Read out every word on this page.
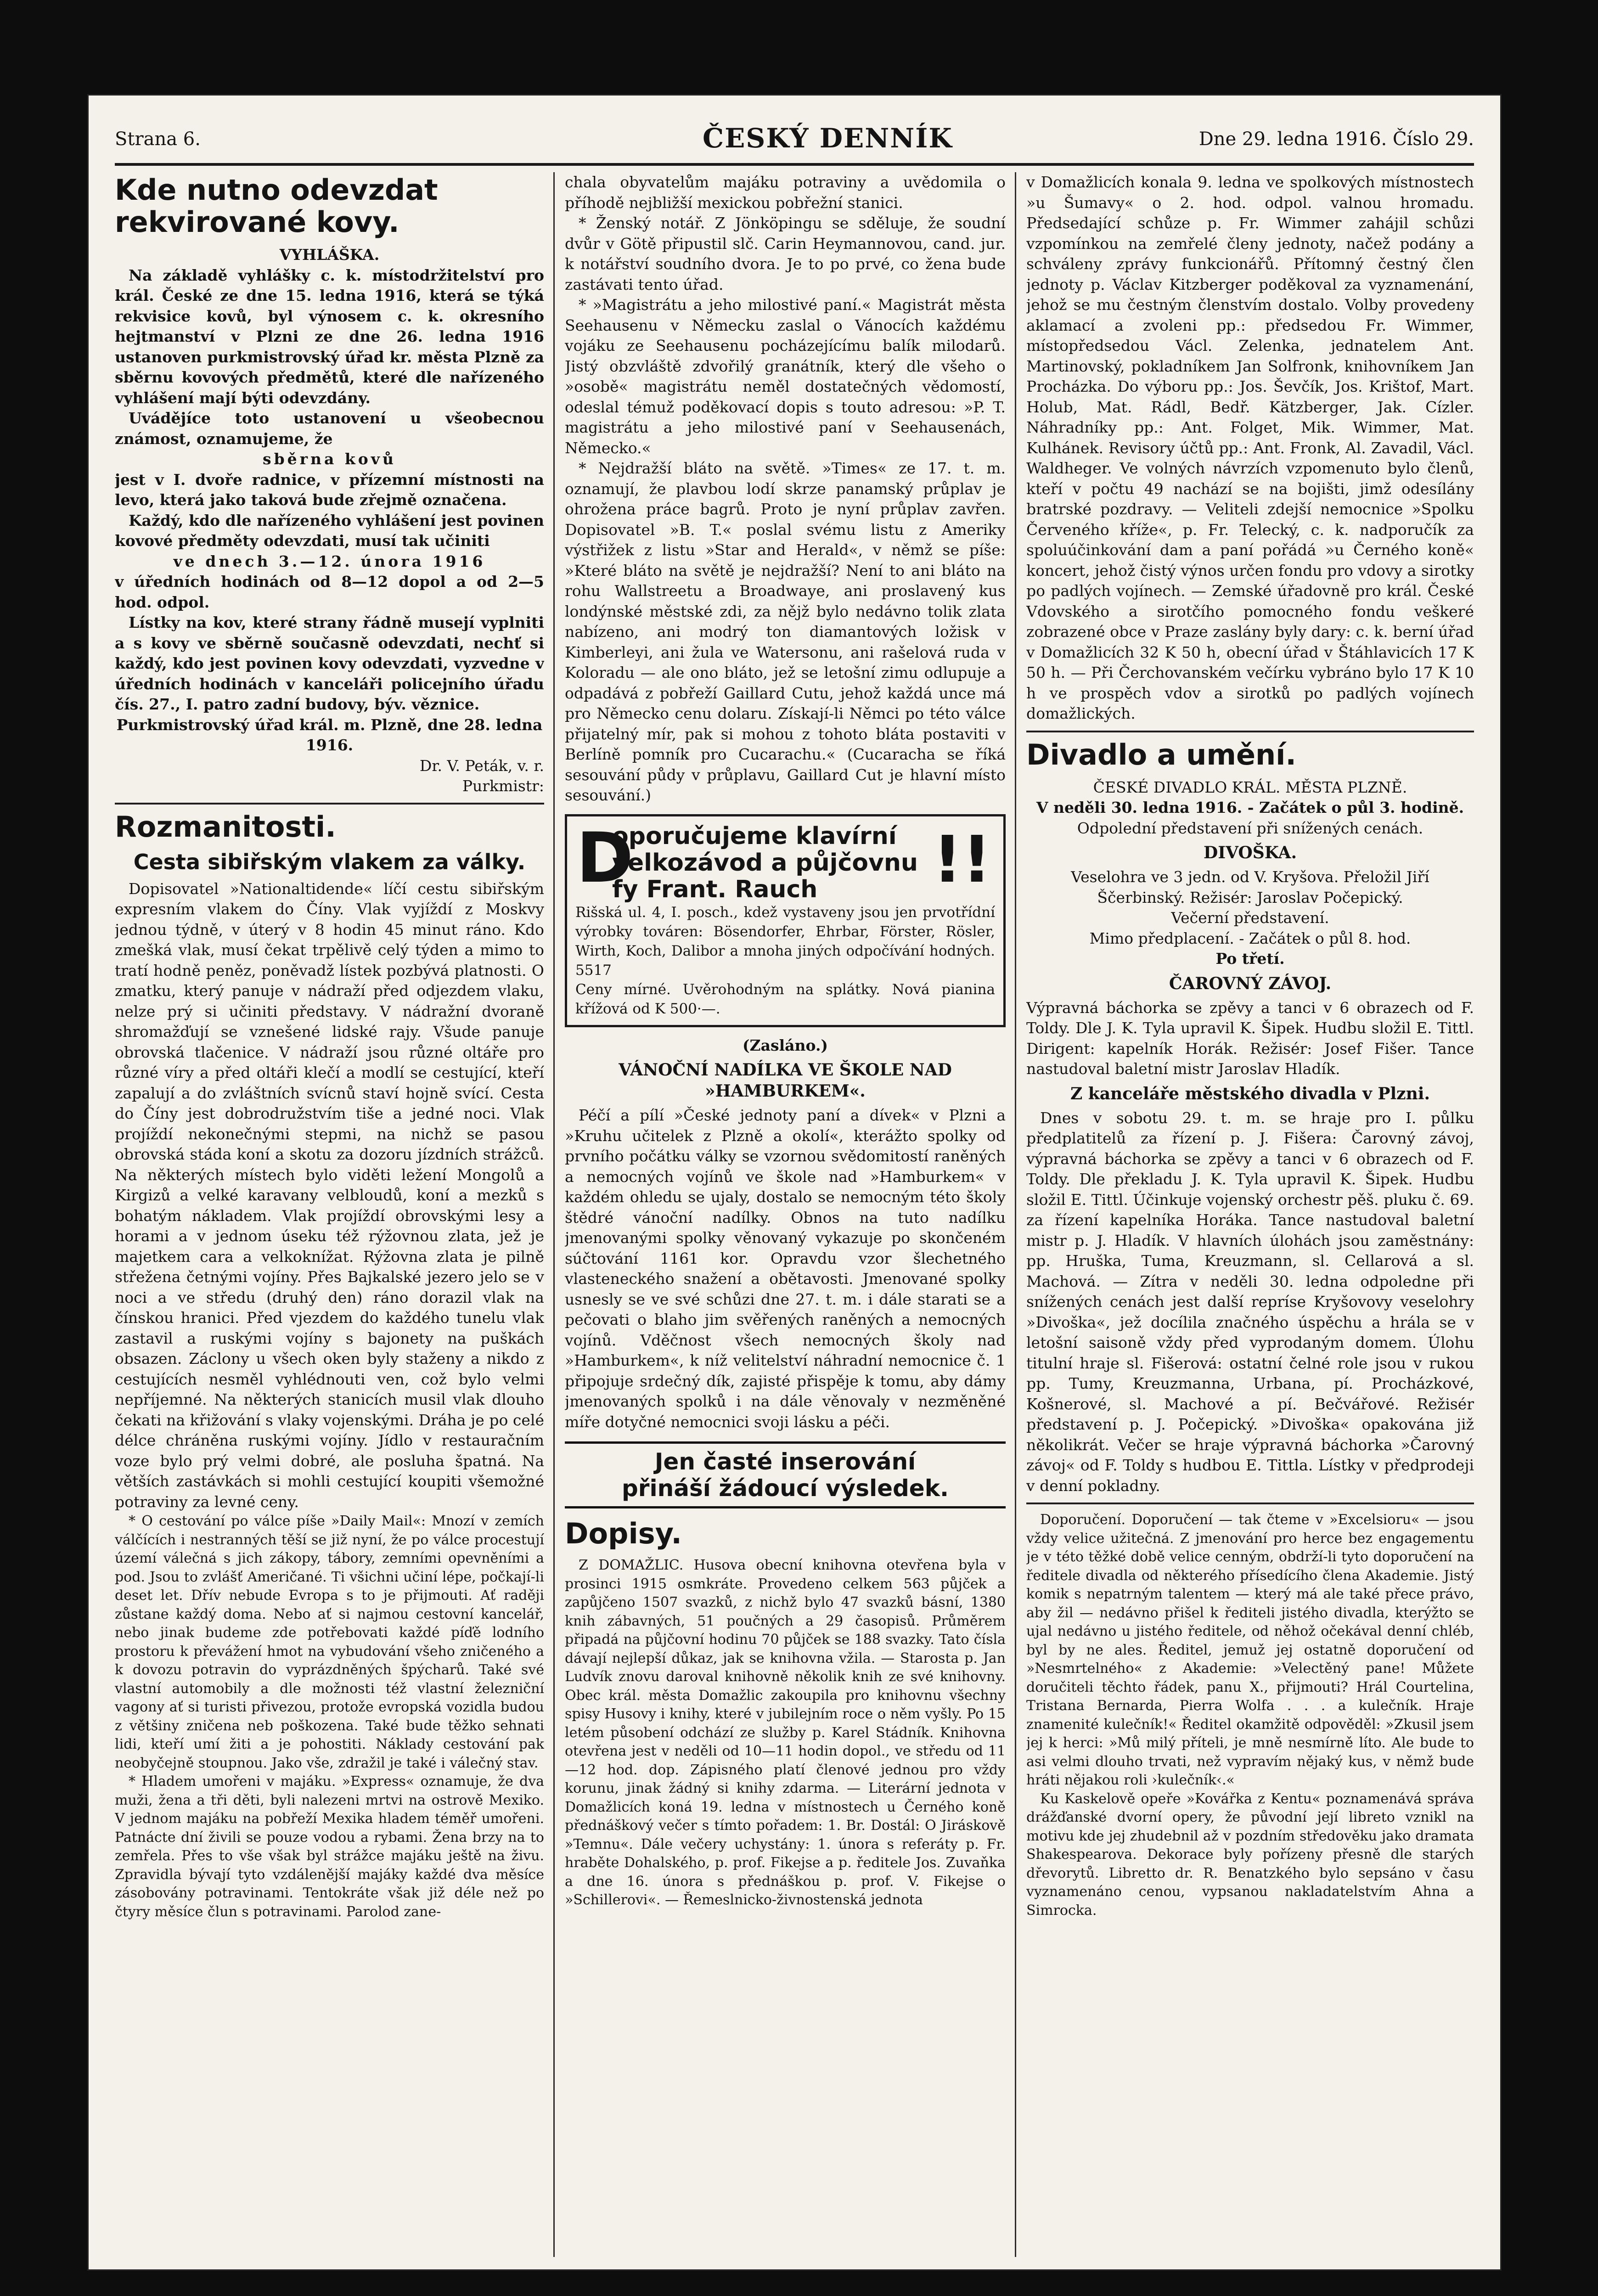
Strana 6.	ČESKÝ DENNÍK	Dne 29. ledna 1916. Číslo 29.
Kde nutno odevzdat rekvirované kovy.

VYHLÁŠKA.

Na základě vyhlášky c. k. místodržitelství pro král. České ze dne 15. ledna 1916, která se týká rekvisice kovů, byl výnosem c. k. okresního hejtmanství v Plzni ze dne 26. ledna 1916 ustanoven purkmistrovský úřad kr. města Plzně za sběrnu kovových předmětů, které dle nařízeného vyhlášení mají býti odevzdány.

Uvádějíce toto ustanovení u všeobecnou známost, oznamujeme, že

sběrna kovů

jest v I. dvoře radnice, v přízemní místnosti na levo, která jako taková bude zřejmě označena.

Každý, kdo dle nařízeného vyhlášení jest povinen kovové předměty odevzdati, musí tak učiniti

ve dnech 3.—12. února 1916

v úředních hodinách od 8—12 dopol a od 2—5 hod. odpol.

Lístky na kov, které strany řádně musejí vyplniti a s kovy ve sběrně současně odevzdati, nechť si každý, kdo jest povinen kovy odevzdati, vyzvedne v úředních hodinách v kanceláři policejního úřadu čís. 27., I. patro zadní budovy, býv. věznice.

Purkmistrovský úřad král. m. Plzně, dne 28. ledna 1916.

Dr. V. Peták, v. r.
Purkmistr:
Rozmanitosti.
Cesta sibiřským vlakem za války.

Dopisovatel »Nationaltidende« líčí cestu sibiřským expresním vlakem do Číny. Vlak vyjíždí z Moskvy jednou týdně, v úterý v 8 hodin 45 minut ráno. Kdo zmešká vlak, musí čekat trpělivě celý týden a mimo to tratí hodně peněz, poněvadž lístek pozbývá platnosti. O zmatku, který panuje v nádraží před odjezdem vlaku, nelze prý si učiniti představy. V nádražní dvoraně shromažďují se vznešené lidské rajy. Všude panuje obrovská tlačenice. V nádraží jsou různé oltáře pro různé víry a před oltáři klečí a modlí se cestující, kteří zapalují a do zvláštních svícnů staví hojně svící. Cesta do Číny jest dobrodružstvím tiše a jedné noci. Vlak projíždí nekonečnými stepmi, na nichž se pasou obrovská stáda koní a skotu za dozoru jízdních strážců. Na některých místech bylo viděti ležení Mongolů a Kirgizů a velké karavany velbloudů, koní a mezků s bohatým nákladem. Vlak projíždí obrovskými lesy a horami a v jednom úseku též rýžovnou zlata, jež je majetkem cara a velkoknížat. Rýžovna zlata je pilně střežena četnými vojíny. Přes Bajkalské jezero jelo se v noci a ve středu (druhý den) ráno dorazil vlak na čínskou hranici. Před vjezdem do každého tunelu vlak zastavil a ruskými vojíny s bajonety na puškách obsazen. Záclony u všech oken byly staženy a nikdo z cestujících nesměl vyhlédnouti ven, což bylo velmi nepříjemné. Na některých stanicích musil vlak dlouho čekati na křižování s vlaky vojenskými. Dráha je po celé délce chráněna ruskými vojíny. Jídlo v restauračním voze bylo prý velmi dobré, ale posluha špatná. Na větších zastávkách si mohli cestující koupiti všemožné potraviny za levné ceny.

* O cestování po válce píše »Daily Mail«: Mnozí v zemích válčících i nestranných těší se již nyní, že po válce procestují území válečná s jich zákopy, tábory, zemními opevněními a pod. Jsou to zvlášť Američané. Ti všichni učiní lépe, počkají-li deset let. Dřív nebude Evropa s to je přijmouti. Ať raději zůstane každý doma. Nebo ať si najmou cestovní kancelář, nebo jinak budeme zde potřebovati každé píďě lodního prostoru k převážení hmot na vybudování všeho zničeného a k dovozu potravin do vyprázdněných špýcharů. Také své vlastní automobily a dle možnosti též vlastní železniční vagony ať si turisti přivezou, protože evropská vozidla budou z většiny zničena neb poškozena. Také bude těžko sehnati lidi, kteří umí žiti a je pohostiti. Náklady cestování pak neobyčejně stoupnou. Jako vše, zdražil je také i válečný stav.

* Hladem umořeni v majáku. »Express« oznamuje, že dva muži, žena a tři děti, byli nalezeni mrtvi na ostrově Mexiko. V jednom majáku na pobřeží Mexika hladem téměř umořeni. Patnácte dní živili se pouze vodou a rybami. Žena brzy na to zemřela. Přes to vše však byl strážce majáku ještě na živu. Zpravidla bývají tyto vzdálenější majáky každé dva měsíce zásobovány potravinami. Tentokráte však již déle než po čtyry měsíce člun s potravinami. Parolod zane-

chala obyvatelům majáku potraviny a uvědomila o příhodě nejbližší mexickou pobřežní stanici.

* Ženský notář. Z Jönköpingu se sděluje, že soudní dvůr v Götě připustil slč. Carin Heymannovou, cand. jur. k notářství soudního dvora. Je to po prvé, co žena bude zastávati tento úřad.

* »Magistrátu a jeho milostivé paní.« Magistrát města Seehausenu v Německu zaslal o Vánocích každému vojáku ze Seehausenu pocházejícímu balík milodarů. Jistý obzvláště zdvořilý granátník, který dle všeho o »osobě« magistrátu neměl dostatečných vědomostí, odeslal témuž poděkovací dopis s touto adresou: »P. T. magistrátu a jeho milostivé paní v Seehausenách, Německo.«

* Nejdražší bláto na světě. »Times« ze 17. t. m. oznamují, že plavbou lodí skrze panamský průplav je ohrožena práce bagrů. Proto je nyní průplav zavřen. Dopisovatel »B. T.« poslal svému listu z Ameriky výstřižek z listu »Star and Herald«, v němž se píše: »Které bláto na světě je nejdražší? Není to ani bláto na rohu Wallstreetu a Broadwaye, ani proslavený kus londýnské městské zdi, za nějž bylo nedávno tolik zlata nabízeno, ani modrý ton diamantových ložisk v Kimberleyi, ani žula ve Watersonu, ani rašelová ruda v Koloradu — ale ono bláto, jež se letošní zimu odlupuje a odpadává z pobřeží Gaillard Cutu, jehož každá unce má pro Německo cenu dolaru. Získají-li Němci po této válce přijatelný mír, pak si mohou z tohoto bláta postaviti v Berlíně pomník pro Cucarachu.« (Cucaracha se říká sesouvání půdy v průplavu, Gaillard Cut je hlavní místo sesouvání.)

D	!!
oporučujeme klavírní velkozávod a půjčovnu fy Frant. Rauch

Rišská ul. 4, I. posch., kdež vystaveny jsou jen prvotřídní výrobky továren: Bösendorfer, Ehrbar, Förster, Rösler, Wirth, Koch, Dalibor a mnoha jiných odpočívání hodných. 5517

Ceny mírné. Uvěrohodným na splátky. Nová pianina křížová od K 500·—.

(Zasláno.)

VÁNOČNÍ NADÍLKA VE ŠKOLE NAD »HAMBURKEM«.

Péčí a pílí »České jednoty paní a dívek« v Plzni a »Kruhu učitelek z Plzně a okolí«, kterážto spolky od prvního počátku války se vzornou svědomitostí raněných a nemocných vojínů ve škole nad »Hamburkem« v každém ohledu se ujaly, dostalo se nemocným této školy štědré vánoční nadílky. Obnos na tuto nadílku jmenovanými spolky věnovaný vykazuje po skončeném súčtování 1161 kor. Opravdu vzor šlechetného vlasteneckého snažení a obětavosti. Jmenované spolky usnesly se ve své schůzi dne 27. t. m. i dále starati se a pečovati o blaho jim svěřených raněných a nemocných vojínů. Vděčnost všech nemocných školy nad »Hamburkem«, k níž velitelství náhradní nemocnice č. 1 připojuje srdečný dík, zajisté přispěje k tomu, aby dámy jmenovaných spolků i na dále věnovaly v nezměněné míře dotyčné nemocnici svoji lásku a péči.

Jen časté inserování
přináší žádoucí výsledek.
Dopisy.

Z DOMAŽLIC. Husova obecní knihovna otevřena byla v prosinci 1915 osmkráte. Provedeno celkem 563 půjček a zapůjčeno 1507 svazků, z nichž bylo 47 svazků básní, 1380 knih zábavných, 51 poučných a 29 časopisů. Průměrem připadá na půjčovní hodinu 70 půjček se 188 svazky. Tato čísla dávají nejlepší důkaz, jak se knihovna vžila. — Starosta p. Jan Ludvík znovu daroval knihovně několik knih ze své knihovny. Obec král. města Domažlic zakoupila pro knihovnu všechny spisy Husovy i knihy, které v jubilejním roce o něm vyšly. Po 15 letém působení odchází ze služby p. Karel Stádník. Knihovna otevřena jest v neděli od 10—11 hodin dopol., ve středu od 11—12 hod. dop. Zápisného platí členové jednou pro vždy korunu, jinak žádný si knihy zdarma. — Literární jednota v Domažlicích koná 19. ledna v místnostech u Černého koně přednáškový večer s tímto pořadem: 1. Br. Dostál: O Jiráskově »Temnu«. Dále večery uchystány: 1. února s referáty p. Fr. hraběte Dohalského, p. prof. Fikejse a p. ředitele Jos. Zuvaňka a dne 16. února s přednáškou p. prof. V. Fikejse o »Schillerovi«. — Řemeslnicko-živnostenská jednota

v Domažlicích konala 9. ledna ve spolkových místnostech »u Šumavy« o 2. hod. odpol. valnou hromadu. Předsedající schůze p. Fr. Wimmer zahájil schůzi vzpomínkou na zemřelé členy jednoty, načež podány a schváleny zprávy funkcionářů. Přítomný čestný člen jednoty p. Václav Kitzberger poděkoval za vyznamenání, jehož se mu čestným členstvím dostalo. Volby provedeny aklamací a zvoleni pp.: předsedou Fr. Wimmer, místopředsedou Václ. Zelenka, jednatelem Ant. Martinovský, pokladníkem Jan Solfronk, knihovníkem Jan Procházka. Do výboru pp.: Jos. Ševčík, Jos. Krištof, Mart. Holub, Mat. Rádl, Bedř. Kätzberger, Jak. Cízler. Náhradníky pp.: Ant. Folget, Mik. Wimmer, Mat. Kulhánek. Revisory účtů pp.: Ant. Fronk, Al. Zavadil, Václ. Waldheger. Ve volných návrzích vzpomenuto bylo členů, kteří v počtu 49 nachází se na bojišti, jimž odesílány bratrské pozdravy. — Veliteli zdejší nemocnice »Spolku Červeného kříže«, p. Fr. Telecký, c. k. nadporučík za spoluúčinkování dam a paní pořádá »u Černého koně« koncert, jehož čistý výnos určen fondu pro vdovy a sirotky po padlých vojínech. — Zemské úřadovně pro král. České Vdovského a sirotčího pomocného fondu veškeré zobrazené obce v Praze zaslány byly dary: c. k. berní úřad v Domažlicích 32 K 50 h, obecní úřad v Štáhlavicích 17 K 50 h. — Při Čerchovanském večírku vybráno bylo 17 K 10 h ve prospěch vdov a sirotků po padlých vojínech domažlických.

Divadlo a umění.

ČESKÉ DIVADLO KRÁL. MĚSTA PLZNĚ.

V neděli 30. ledna 1916. - Začátek o půl 3. hodině.

Odpolední představení při snížených cenách.

DIVOŠKA.

Veselohra ve 3 jedn. od V. Kryšova. Přeložil Jiří Ščerbinský. Režisér: Jaroslav Počepický.

Večerní představení.

Mimo předplacení. - Začátek o půl 8. hod.

Po třetí.

ČAROVNÝ ZÁVOJ.

Výpravná báchorka se zpěvy a tanci v 6 obrazech od F. Toldy. Dle J. K. Tyla upravil K. Šipek. Hudbu složil E. Tittl. Dirigent: kapelník Horák. Režisér: Josef Fišer. Tance nastudoval baletní mistr Jaroslav Hladík.

Z kanceláře městského divadla v Plzni.

Dnes v sobotu 29. t. m. se hraje pro I. půlku předplatitelů za řízení p. J. Fišera: Čarovný závoj, výpravná báchorka se zpěvy a tanci v 6 obrazech od F. Toldy. Dle překladu J. K. Tyla upravil K. Šipek. Hudbu složil E. Tittl. Účinkuje vojenský orchestr pěš. pluku č. 69. za řízení kapelníka Horáka. Tance nastudoval baletní mistr p. J. Hladík. V hlavních úlohách jsou zaměstnány: pp. Hruška, Tuma, Kreuzmann, sl. Cellarová a sl. Machová. — Zítra v neděli 30. ledna odpoledne při snížených cenách jest další repríse Kryšovovy veselohry »Divoška«, jež docílila značného úspěchu a hrála se v letošní saisoně vždy před vyprodaným domem. Úlohu titulní hraje sl. Fišerová: ostatní čelné role jsou v rukou pp. Tumy, Kreuzmanna, Urbana, pí. Procházkové, Košnerové, sl. Machové a pí. Bečvářové. Režisér představení p. J. Počepický. »Divoška« opakována již několikrát. Večer se hraje výpravná báchorka »Čarovný závoj« od F. Toldy s hudbou E. Tittla. Lístky v předprodeji v denní pokladny.

Doporučení. Doporučení — tak čteme v »Excelsioru« — jsou vždy velice užitečná. Z jmenování pro herce bez engagementu je v této těžké době velice cenným, obdrží-li tyto doporučení na ředitele divadla od některého přísedícího člena Akademie. Jistý komik s nepatrným talentem — který má ale také přece právo, aby žil — nedávno přišel k řediteli jistého divadla, kterýžto se ujal nedávno u jistého ředitele, od něhož očekával denní chléb, byl by ne ales. Ředitel, jemuž jej ostatně doporučení od »Nesmrtelného« z Akademie: »Velectěný pane! Můžete doručiteli těchto řádek, panu X., přijmouti? Hrál Courtelina, Tristana Bernarda, Pierra Wolfa . . . a kulečník. Hraje znamenité kulečník!« Ředitel okamžitě odpověděl: »Zkusil jsem jej k herci: »Mů milý příteli, je mně nesmírně líto. Ale bude to asi velmi dlouho trvati, než vypravím nějaký kus, v němž bude hráti nějakou roli ›kulečník‹.«

Ku Kaskelově opeře »Kovářka z Kentu« poznamenává správa drážďanské dvorní opery, že původní její libreto vznikl na motivu kde jej zhudebnil až v pozdním středověku jako dramata Shakespearova. Dekorace byly pořízeny přesně dle starých dřevorytů. Libretto dr. R. Benatzkého bylo sepsáno v času vyznamenáno cenou, vypsanou nakladatelstvím Ahna a Simrocka.
